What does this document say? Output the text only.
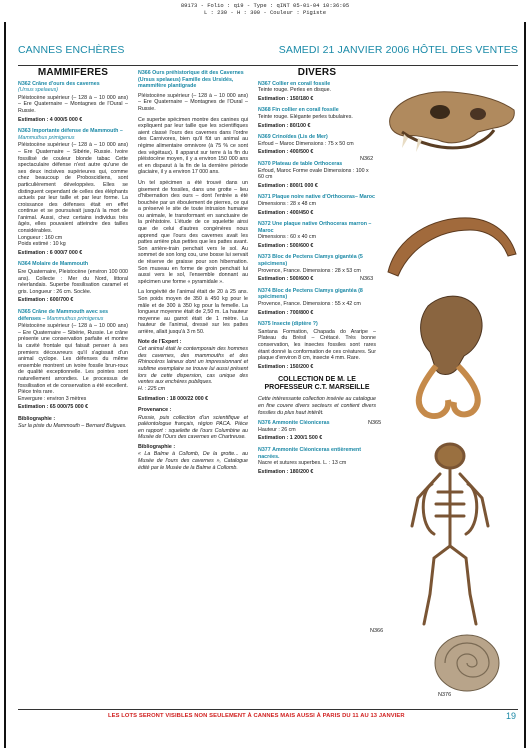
89173 - Folio : q19 - Type : qINT 05-01-04 10:36:05
L : 230 - H : 300 - Couleur : Pigiste
CANNES ENCHÈRES	SAMEDI 21 JANVIER 2006 HÔTEL DES VENTES
MAMMIFERES
N362 Crâne d'ours des cavernes
(Ursus spelaeus)
Pléistocène supérieur (– 128 à – 10 000 ans) – Ere Quaternaire – Montagnes de l'Oural – Russie.
Estimation : 4 000/5 000 €
N363 Importante défense de Mammouth – Mammuthus primigenus
Pléistocène supérieur (– 128 à – 10 000 ans) – Ere Quaternaire – Sibérie, Russie. Ivoire fossilisé de couleur blonde tabac Cette spectaculaire défense n'est autre qu'une de ses deux incisives supérieures qui, comme chez beaucoup de Proboscidiens, sont particulièrement développées. Elles se distinguent cependant de celles des éléphants actuels par leur taille et par leur forme. La croissance des défenses était en effet continue et se poursuivait jusqu'à la mort de l'animal. Aussi, chez certains individus très âgés, elles pouvaient atteindre des tailles considérables.
Longueur : 160 cm
Poids estimé : 10 kg
Estimation : 6 000/7 000 €
N364 Molaire de Mammouth
Ere Quaternaire, Pleistocène (environ 100 000 ans). Collecte : Mer du Nord, littoral néerlandais. Superbe fossilisation caramel et gris. Longueur : 26 cm. Soclée.
Estimation : 600/700 €
N365 Crâne de Mammouth avec ses défenses – Mammuthus primigenus
Pléistocène supérieur (– 128 à – 10 000 ans) – Ere Quaternaire – Sibérie, Russie. Le crâne présente une conservation parfaite et montre la cavité frontale qui faisait penser à ses premiers découvreurs qu'il s'agissait d'un animal cyclope. Les défenses du même ensemble montrent un ivoire fossile brun-roux de qualité exceptionnelle. Les pointes sont naturellement arrondies. Le processus de fossilisation et de conservation a été excellent. Pièce très rare.
Envergure : environ 3 mètres
Estimation : 65 000/75 000 €
Bibliographie :
Sur la piste du Mammouth – Bernard Buigues.
N366 Ours préhistorique dit des Cavernes (Ursus spelaeus) Famille des Ursidés, mammifère plantigrade
Pléistocène supérieur (– 128 à – 10 000 ans) – Ere Quaternaire – Montagnes de l'Oural – Russie.
Ce superbe spécimen montre des canines qui expliquent par leur taille que les scientifiques aient classé l'ours des cavernes dans l'ordre des Carnivores, bien qu'il fût un animal au régime alimentaire omnivore (à 75 % ce sont des végétaux). Il apparut sur terre à la fin du pléistocène moyen, il y a environ 150 000 ans et en disparut à la fin de la dernière période glaciaire, il y a environ 17 000 ans.
Un tel spécimen a été trouvé dans un gisement de fossiles, dans une grotte – lieu d'hibernation des ours – dont l'entrée a été bouchée par un éboulement de pierres, ce qui a préservé le site de toute intrusion humaine ou animale, le transformant en sanctuaire de la préhistoire. L'étude de ce squelette ainsi que de celui d'autres congénères nous apprend que l'ours des cavernes avait les pattes arrière plus petites que les pattes avant. Son arrière-train penchait vers le sol. Au sommet de son long cou, une bosse lui servait de réserve de graisse pour son hibernation. Son museau en forme de groin penchait lui aussi vers le sol, l'ensemble donnant au spécimen une forme « pyramidale ».
La longévité de l'animal était de 20 à 25 ans. Son poids moyen de 350 à 450 kg pour le mâle et de 300 à 350 kg pour la femelle. La longueur moyenne était de 2,50 m. La hauteur moyenne au garrot était de 1 mètre. La hauteur de l'animal, dressé sur les pattes arrière, allait jusqu'à 3 m 50.
Note de l'Expert :
Cet animal était le contemporain des hommes des cavernes, des mammouths et des Rhinocéros laineux dont un impressionnant et sublime exemplaire se trouve lui aussi présent lors de cette dispersion, cas unique des ventes aux enchères publiques.
H. : 225 cm
Estimation : 18 000/22 000 €
Provenance :
Russie, puis collection d'un scientifique et paléontologue français, région PACA. Pièce en rapport : squelette de l'ours Columbine au Musée de l'Ours des cavernes en Chartreuse.
Bibliographie :
« La Balme à Collomb, De la grotte... au Musée de l'ours des cavernes », Catalogue édité par le Musée de la Balme à Collomb.
DIVERS
N367 Collier en corail fossile
Teinte rouge. Perles en disque.
Estimation : 150/180 €
N368 Fin collier en corail fossile
Teinte rouge. Elégante perles tubulaires.
Estimation : 80/100 €
N369 Crinoïdes (Lis de Mer)
Erfoud – Maroc Dimensions : 75 x 50 cm
Estimation : 400/500 €
N370 Plateau de table Orthoceras
Erfoud, Maroc Forme ovale Dimensions : 100 x 60 cm
Estimation : 800/1 000 €
N371 Plaque noire native d'Orthoceras– Maroc
Dimensions : 28 x 48 cm
Estimation : 400/450 €
N372 Une plaque native Orthoceras marron – Maroc
Dimensions : 60 x 40 cm
Estimation : 500/600 €
N373 Bloc de Pectens Clamys gigantéa (5 spécimens)
Provence, France. Dimensions : 28 x 53 cm
Estimation : 500/600 €
N374 Bloc de Pectens Clamys gigantéa (8 spécimens)
Provence, France. Dimensions : 55 x 42 cm
Estimation : 700/800 €
N375 Insecte (diptère ?)
Santana Formation, Chapada do Araripe – Plateau du Brésil – Crétacé. Très bonne conservation, les insectes fossiles sont rares étant donné la conformation de ces créatures. Sur plaque d'environ 8 cm, insecte 4 mm. Rare.
Estimation : 150/200 €
COLLECTION DE M. LE PROFESSEUR C.T. MARSEILLE
Cette intéressante collection insérée au catalogue en fine couvre divers secteurs et contient divers fossiles du plus haut intérêt.
N376 Ammonite Cléoniceras
Hauteur : 26 cm
Estimation : 1 200/1 500 €
N377 Ammonite Cléoniceras entièrement nacrées.
Nacre et sutures superbes. L. : 13 cm
Estimation : 180/200 €
N362
N363
N365
N366
N376
LES LOTS SERONT VISIBLES NON SEULEMENT À CANNES MAIS AUSSI À PARIS DU 11 AU 13 JANVIER	19
